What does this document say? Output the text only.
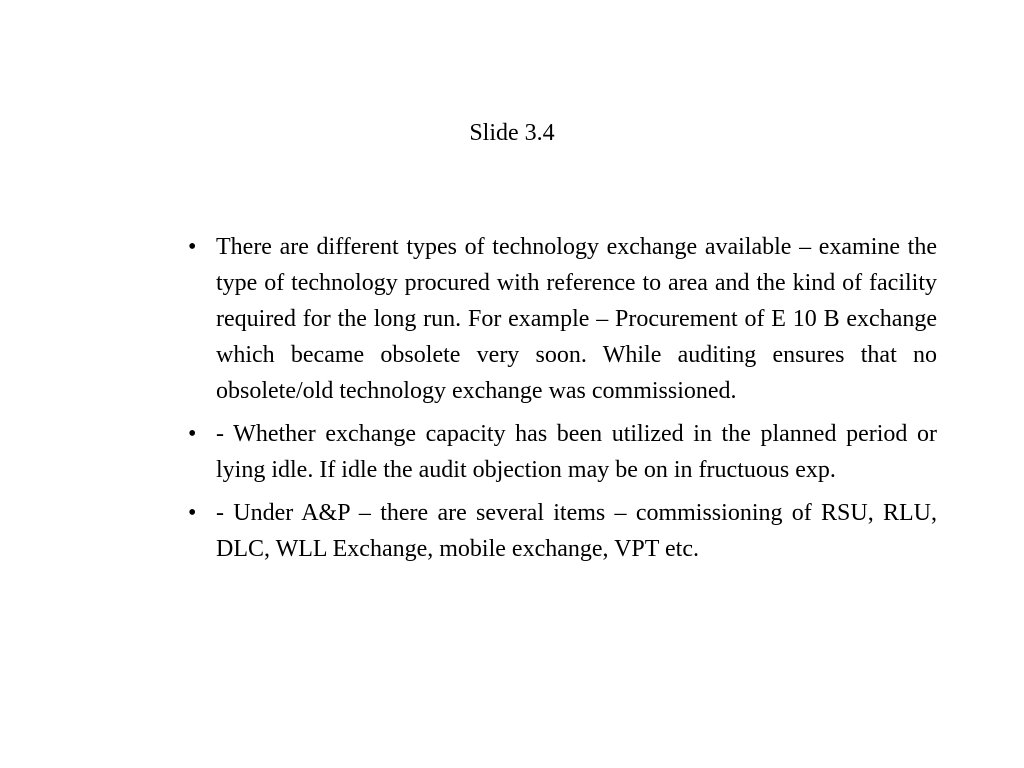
Slide 3.4
• There are different types of technology exchange available – examine the type of technology procured with reference to area and the kind of facility required for the long run. For example – Procurement of E 10 B exchange which became obsolete very soon. While auditing ensures that no obsolete/old technology exchange was commissioned.
• - Whether exchange capacity has been utilized in the planned period or lying idle. If idle the audit objection may be on in fructuous exp.
• - Under A&P – there are several items – commissioning of RSU, RLU, DLC, WLL Exchange, mobile exchange, VPT etc.
